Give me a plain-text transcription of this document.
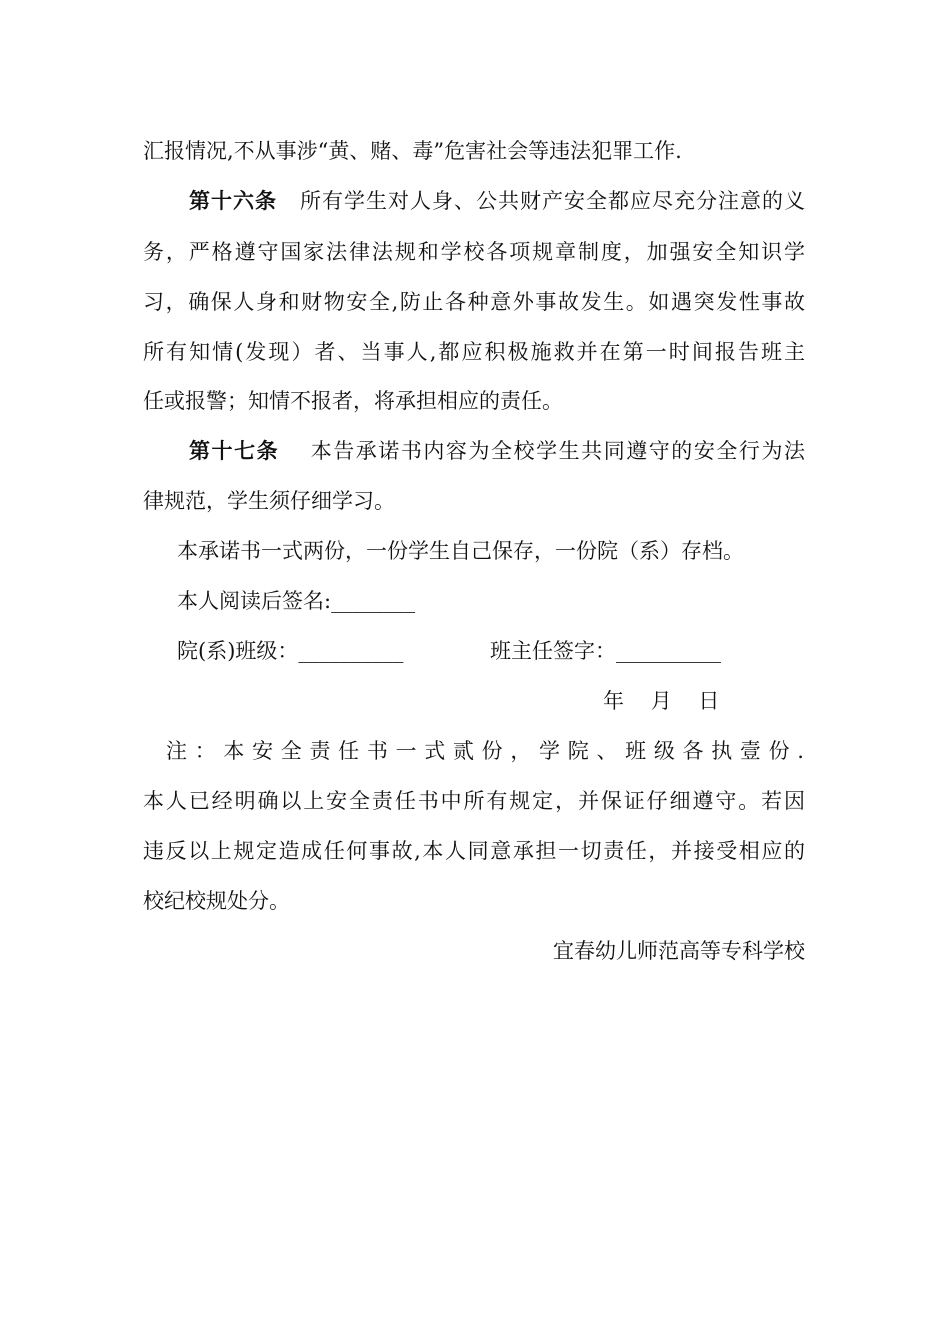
汇报情况,不从事涉“黄、赌、毒”危害社会等违法犯罪工作.
第十六条 所有学生对人身、公共财产安全都应尽充分注意的义
务，严格遵守国家法律法规和学校各项规章制度，加强安全知识学
习，确保人身和财物安全,防止各种意外事故发生。如遇突发性事故
所有知情(发现）者、当事人,都应积极施救并在第一时间报告班主
任或报警；知情不报者，将承担相应的责任。
第十七条 本告承诺书内容为全校学生共同遵守的安全行为法
律规范，学生须仔细学习。
本承诺书一式两份，一份学生自己保存，一份院（系）存档。
本人阅读后签名:________
院(系)班级：__________	班主任签字：__________
年    月    日
注：本安全责任书一式贰份，学院、班级各执壹份.
本人已经明确以上安全责任书中所有规定，并保证仔细遵守。若因
违反以上规定造成任何事故,本人同意承担一切责任，并接受相应的
校纪校规处分。
宜春幼儿师范高等专科学校
